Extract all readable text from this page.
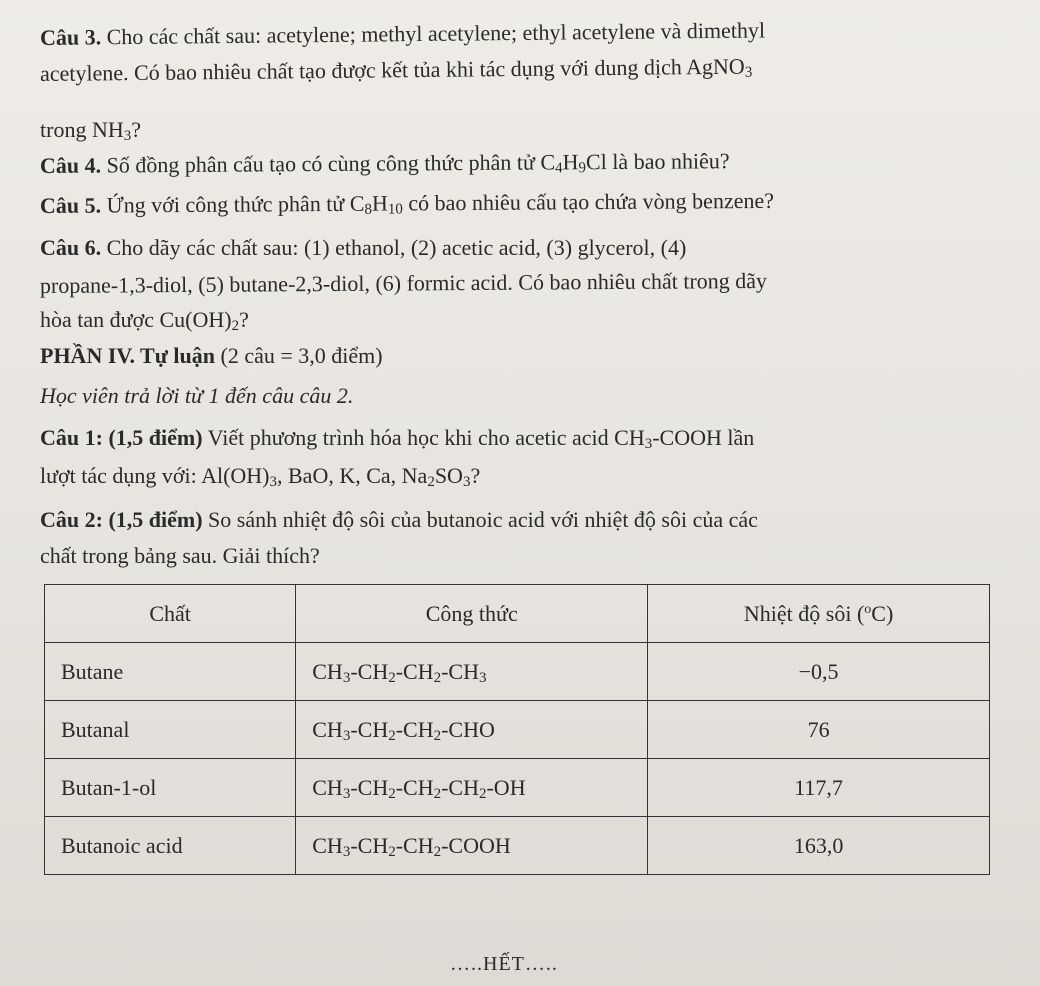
Câu 3. Cho các chất sau: acetylene; methyl acetylene; ethyl acetylene và dimethyl
acetylene. Có bao nhiêu chất tạo được kết tủa khi tác dụng với dung dịch AgNO$_3$
trong $NH_3$?
Câu 4. Số đồng phân cấu tạo có cùng công thức phân tử $C_4H_9Cl$ là bao nhiêu?
Câu 5. Ứng với công thức phân tử $C_8H_{10}$ có bao nhiêu cấu tạo chứa vòng benzene?
Câu 6. Cho dãy các chất sau: (1) ethanol, (2) acetic acid, (3) glycerol, (4)
propane-1,3-diol, (5) butane-2,3-diol, (6) formic acid. Có bao nhiêu chất trong dãy
hòa tan được $Cu(OH)_2$?
PHẦN IV. Tự luận (2 câu = 3,0 điểm)
Học viên trả lời từ 1 đến câu câu 2.
Câu 1: (1,5 điểm) Viết phương trình hóa học khi cho acetic acid $CH_3$-COOH lần
lượt tác dụng với: $Al(OH)_3$, BaO, K, Ca, $Na_2SO_3$?
Câu 2: (1,5 điểm) So sánh nhiệt độ sôi của butanoic acid với nhiệt độ sôi của các
chất trong bảng sau. Giải thích?
Chất	Công thức	Nhiệt độ sôi ($^o$C)
Butane	$CH_3-CH_2-CH_2-CH_3$	−0,5
Butanal	$CH_3-CH_2-CH_2$-CHO	76
Butan-1-ol	$CH_3-CH_2-CH_2-CH_2-OH$	117,7
Butanoic acid	$CH_3-CH_2-CH_2$-COOH	163,0
…..HẾT…..
